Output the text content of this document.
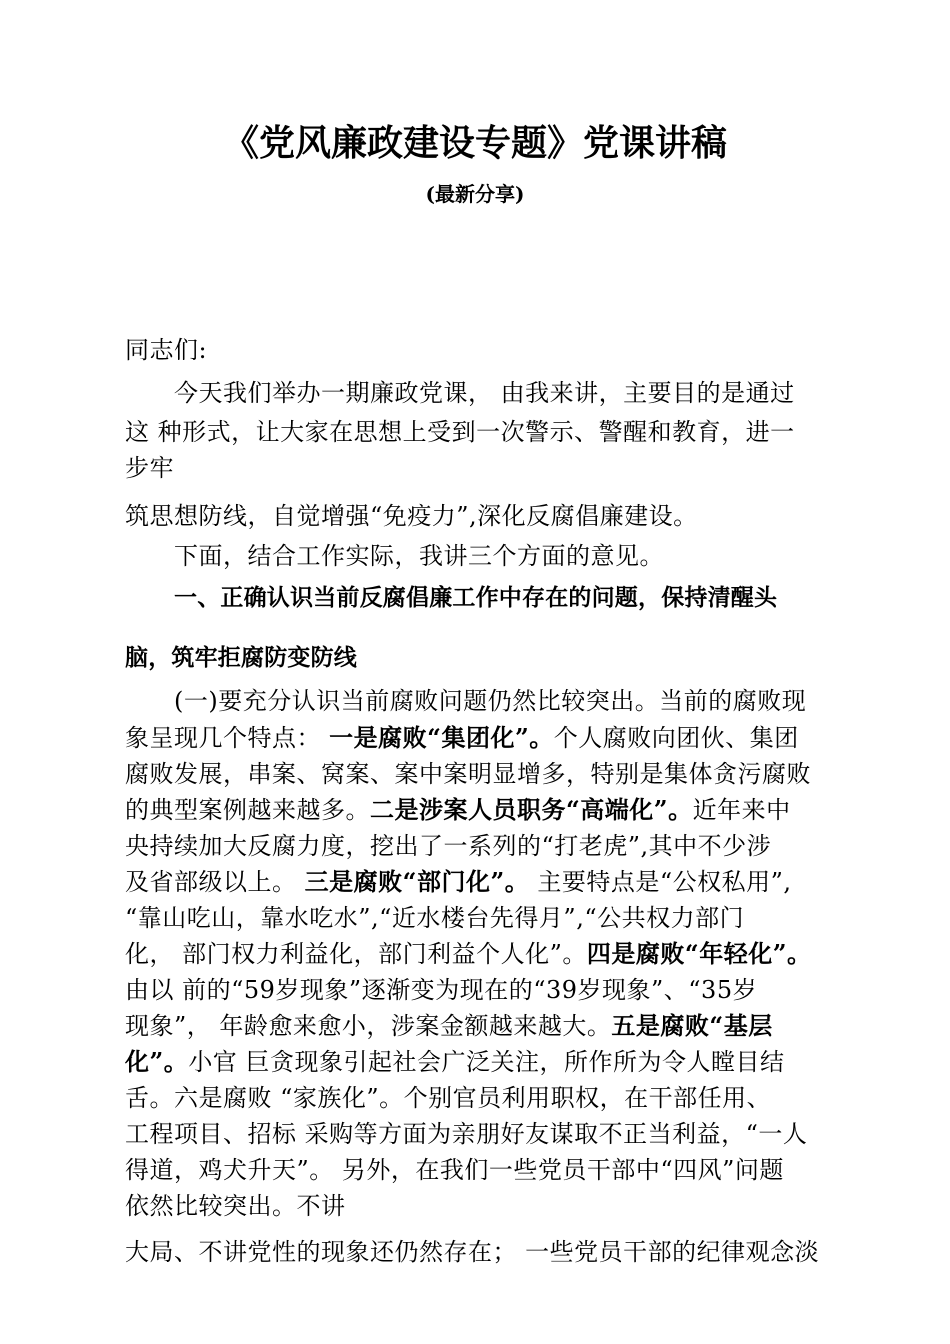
《党风廉政建设专题》党课讲稿
(最新分享)
同志们:
今天我们举办一期廉政党课， 由我来讲，主要目的是通过
这 种形式，让大家在思想上受到一次警示、警醒和教育，进一
步牢
筑思想防线，自觉增强“免疫力”,深化反腐倡廉建设。
下面，结合工作实际，我讲三个方面的意见。
一、正确认识当前反腐倡廉工作中存在的问题，保持清醒头
脑，筑牢拒腐防变防线
(一)要充分认识当前腐败问题仍然比较突出。当前的腐败现
象呈现几个特点： 一是腐败“集团化”。个人腐败向团伙、集团
腐败发展，串案、窝案、案中案明显增多，特别是集体贪污腐败
的典型案例越来越多。二是涉案人员职务“高端化”。近年来中
央持续加大反腐力度，挖出了一系列的“打老虎”,其中不少涉
及省部级以上。 三是腐败“部门化”。 主要特点是“公权私用”,
“靠山吃山，靠水吃水”,“近水楼台先得月”,“公共权力部门
化， 部门权力利益化，部门利益个人化”。四是腐败“年轻化”。
由以 前的“59岁现象”逐渐变为现在的“39岁现象”、“35岁
现象”， 年龄愈来愈小，涉案金额越来越大。五是腐败“基层
化”。小官 巨贪现象引起社会广泛关注，所作所为令人瞠目结
舌。六是腐败 “家族化”。个别官员利用职权，在干部任用、
工程项目、招标 采购等方面为亲朋好友谋取不正当利益，“一人
得道，鸡犬升天”。 另外，在我们一些党员干部中“四风”问题
依然比较突出。不讲
大局、不讲党性的现象还仍然存在； 一些党员干部的纪律观念淡
